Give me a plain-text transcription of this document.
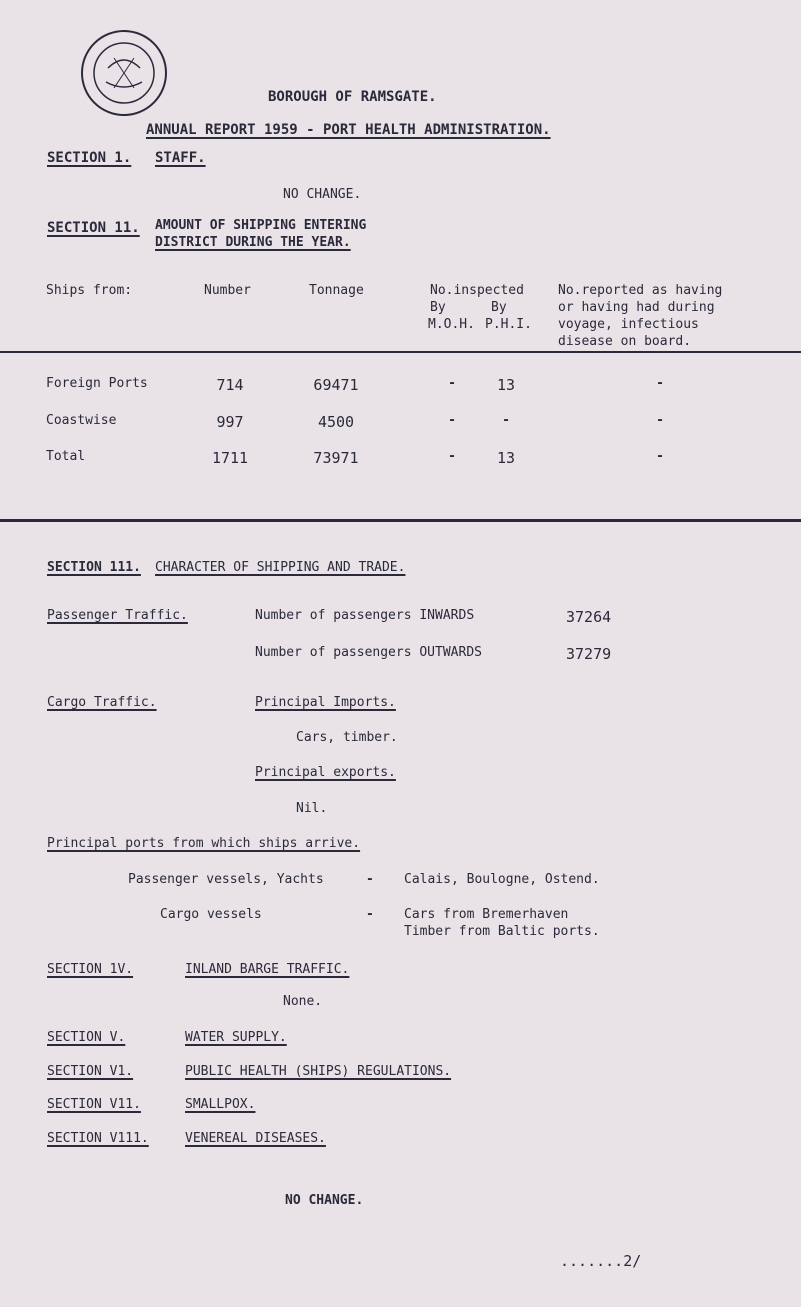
BOROUGH OF RAMSGATE.
ANNUAL REPORT 1959 - PORT HEALTH ADMINISTRATION.
SECTION 1. STAFF.
NO CHANGE.
SECTION 11. AMOUNT OF SHIPPING ENTERING
DISTRICT DURING THE YEAR.
Ships from:	Number	Tonnage	No.inspected
By	By
M.O.H. P.H.I.
No.reported as having
or having had during
voyage, infectious
disease on board.
Foreign Ports	714	69471	-	13	-
Coastwise	997	4500	-	-	-
Total	1711	73971	-	13	-
SECTION 111. CHARACTER OF SHIPPING AND TRADE.
Passenger Traffic.	Number of passengers INWARDS	37264
Number of passengers OUTWARDS	37279
Cargo Traffic.	Principal Imports.
Cars, timber.
Principal exports.
Nil.
Principal ports from which ships arrive.
Passenger vessels, Yachts	- Calais, Boulogne, Ostend.
Cargo vessels	- Cars from Bremerhaven
Timber from Baltic ports.
SECTION 1V.	INLAND BARGE TRAFFIC.
None.
SECTION V.	WATER SUPPLY.
SECTION V1.	PUBLIC HEALTH (SHIPS) REGULATIONS.
SECTION V11.	SMALLPOX.
SECTION V111.	VENEREAL DISEASES.
NO CHANGE.
.......2/
